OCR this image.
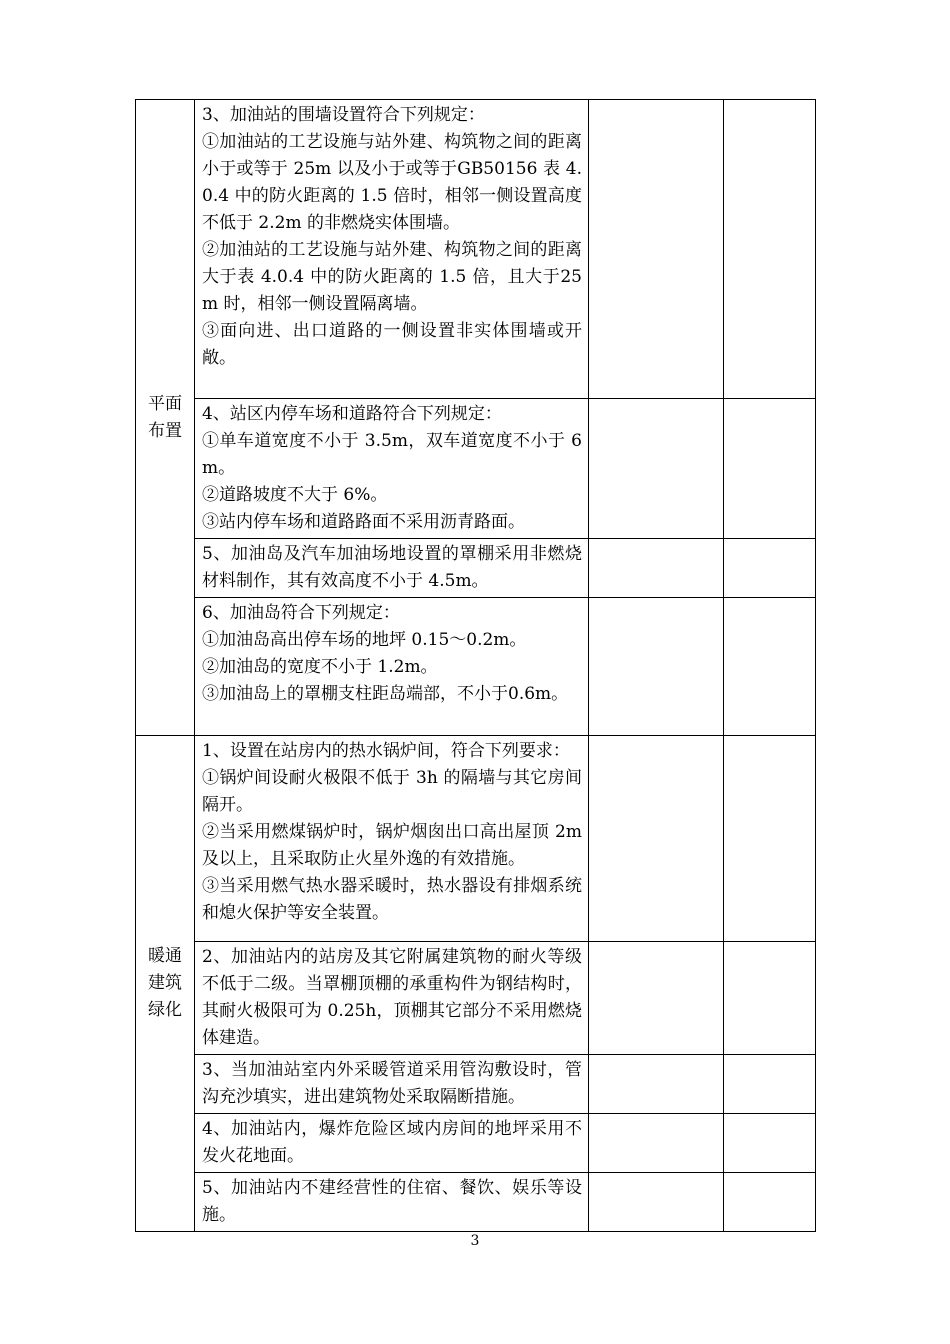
平面
布置	3、加油站的围墙设置符合下列规定：
①加油站的工艺设施与站外建、构筑物之间的距离小于或等于 25m 以及小于或等于GB50156 表 4.0.4 中的防火距离的 1.5 倍时，相邻一侧设置高度不低于 2.2m 的非燃烧实体围墙。
②加油站的工艺设施与站外建、构筑物之间的距离大于表 4.0.4 中的防火距离的 1.5 倍，且大于25m 时，相邻一侧设置隔离墙。
③面向进、出口道路的一侧设置非实体围墙或开敞。		

	4、站区内停车场和道路符合下列规定：
①单车道宽度不小于 3.5m，双车道宽度不小于 6m。
②道路坡度不大于 6%。
③站内停车场和道路路面不采用沥青路面。		

	5、加油岛及汽车加油场地设置的罩棚采用非燃烧材料制作，其有效高度不小于 4.5m。		

	6、加油岛符合下列规定：
①加油岛高出停车场的地坪 0.15～0.2m。
②加油岛的宽度不小于 1.2m。
③加油岛上的罩棚支柱距岛端部，不小于0.6m。		

暖通
建筑
绿化	1、设置在站房内的热水锅炉间，符合下列要求：
①锅炉间设耐火极限不低于 3h 的隔墙与其它房间隔开。
②当采用燃煤锅炉时，锅炉烟囱出口高出屋顶 2m 及以上，且采取防止火星外逸的有效措施。
③当采用燃气热水器采暖时，热水器设有排烟系统和熄火保护等安全装置。		

	2、加油站内的站房及其它附属建筑物的耐火等级不低于二级。当罩棚顶棚的承重构件为钢结构时，其耐火极限可为 0.25h，顶棚其它部分不采用燃烧体建造。		

	3、当加油站室内外采暖管道采用管沟敷设时，管沟充沙填实，进出建筑物处采取隔断措施。		

	4、加油站内，爆炸危险区域内房间的地坪采用不发火花地面。		

	5、加油站内不建经营性的住宿、餐饮、娱乐等设施。		

3
